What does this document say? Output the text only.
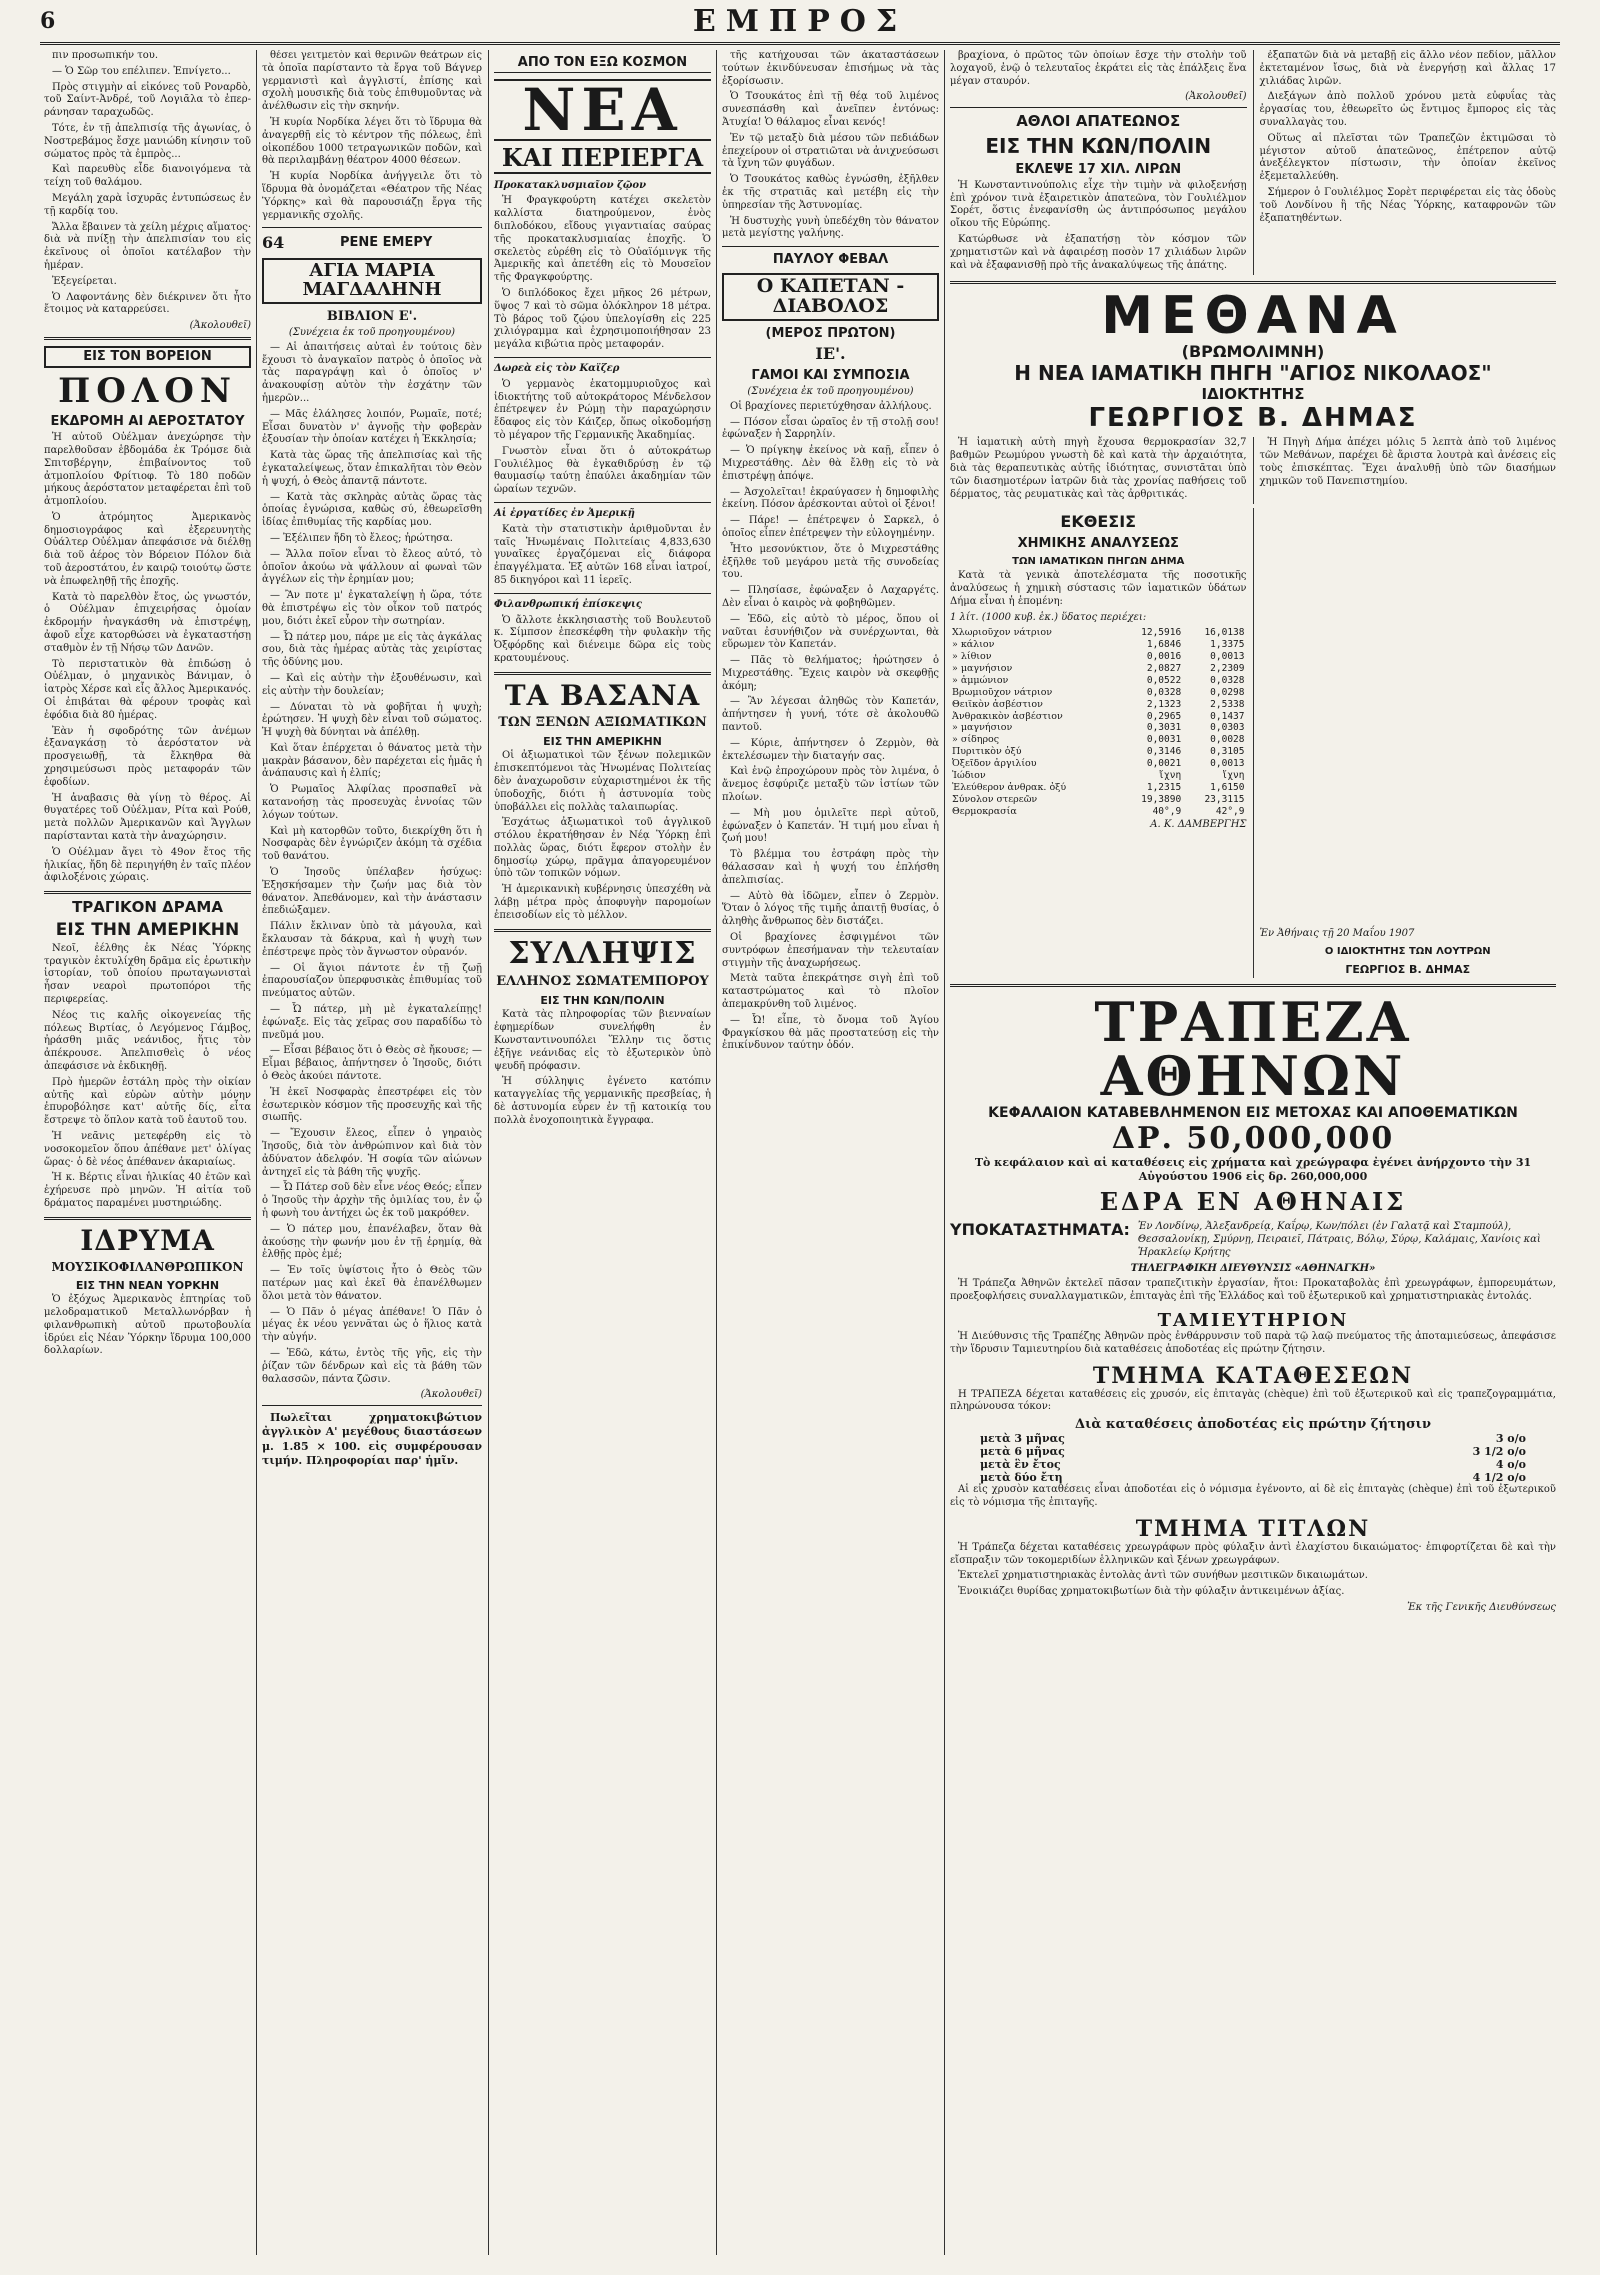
6	ΕΜΠΡΟΣ

πιν προσωπικήν του.

— Ὁ Σῶρ του επέλιπεν. Ἐπνίγετο...

Πρὸς στιγμὴν αἱ εἰκόνες τοῦ Ροναρδὸ, τοῦ Σαίντ-Ἀνδρέ, τοῦ Λογιᾶλα τὸ ἐπερ- ράνησαν ταραχωδῶς.

Τότε, ἐν τῇ ἀπελπισίᾳ τῆς ἀγωνίας, ὁ Νοστρεβάμος ἔσχε μανιώδη κίνησιν τοῦ σώματος πρὸς τὰ ἐμπρὸς...

Καὶ παρευθὺς εἶδε διανοιγόμενα τὰ τείχη τοῦ θαλάμου.

Μεγάλη χαρὰ ἰσχυρᾶς ἐντυπώσεως ἐν τῇ καρδίᾳ του.

Ἄλλα ἔβαινεν τὰ χείλη μέχρις αἵματος· διὰ νὰ πνίξῃ τὴν ἀπελπισίαν του εἰς ἐκεῖνους οἱ ὁποῖοι κατέλαβον τὴν ἡμέραν.

Ἐξεγείρεται.

Ὁ Λαφοντάνης δὲν διέκρινεν ὅτι ἦτο ἔτοιμος νὰ καταρρεύσει.

(Ἀκολουθεῖ)
ΕΙΣ ΤΟΝ ΒΟΡΕΙΟΝ
ΠΟΛΟΝ
ΕΚΔΡΟΜΗ ΑΙ ΑΕΡΟΣΤΑΤΟΥ

Ἡ αὐτοῦ Οὐέλμαν ἀνεχώρησε τὴν παρελθοῦσαν ἑβδομάδα ἐκ Τρόμσε διὰ Σπιτσβέργην, ἐπιβαίνοντος τοῦ ἀτμοπλοίου Φρίτιοφ. Τὸ 180 ποδῶν μήκους ἀερόστατον μεταφέρεται ἐπὶ τοῦ ἀτμοπλοίου.

Ὁ ἀτρόμητος Ἀμερικανὸς δημοσιογράφος καὶ ἐξερευνητὴς Οὐάλτερ Οὐέλμαν ἀπεφάσισε νὰ διέλθῃ διὰ τοῦ ἀέρος τὸν Βόρειον Πόλον διὰ τοῦ ἀεροστάτου, ἐν καιρῷ τοιούτῳ ὥστε νὰ ἐπωφεληθῇ τῆς ἐποχῆς.

Κατὰ τὸ παρελθὸν ἔτος, ὡς γνωστόν, ὁ Οὐέλμαν ἐπιχειρήσας ὁμοίαν ἐκδρομήν ἠναγκάσθη νὰ ἐπιστρέψῃ, ἀφοῦ εἶχε κατορθώσει νὰ ἐγκαταστήσῃ σταθμὸν ἐν τῇ Νήσῳ τῶν Δανῶν.

Τὸ περιστατικὸν θὰ ἐπιδώσῃ ὁ Οὐέλμαν, ὁ μηχανικὸς Βάνιμαν, ὁ ἰατρὸς Χέρσε καὶ εἷς ἄλλος Ἀμερικανός. Οἱ ἐπιβάται θὰ φέρουν τροφὰς καὶ ἐφόδια διὰ 80 ἡμέρας.

Ἐὰν ἡ σφοδρότης τῶν ἀνέμων ἐξαναγκάσῃ τὸ ἀερόστατον νὰ προσγειωθῇ, τὰ ἔλκηθρα θὰ χρησιμεύσωσι πρὸς μεταφοράν τῶν ἐφοδίων.

Ἡ ἀναβασις θὰ γίνῃ τὸ θέρος. Αἱ θυγατέρες τοῦ Οὐέλμαν, Ρίτα καὶ Ρούθ, μετὰ πολλῶν Ἀμερικανῶν καὶ Ἄγγλων παρίστανται κατὰ τὴν ἀναχώρησιν.

Ὁ Οὐέλμαν ἄγει τὸ 49ον ἔτος τῆς ἡλικίας, ἤδη δὲ περιηγήθη ἐν ταῖς πλέον ἀφιλοξένοις χώραις.

ΤΡΑΓΙΚΟΝ ΔΡΑΜΑ
ΕΙΣ ΤΗΝ ΑΜΕΡΙΚΗΝ

Νεοῖ, ἐέλθης ἐκ Νέας Ὑόρκης τραγικὸν ἐκτυλίχθη δρᾶμα εἰς ἐρωτικὴν ἱστορίαν, τοῦ ὁποίου πρωταγωνισταὶ ἦσαν νεαροὶ πρωτοπόροι τῆς περιφερείας.

Νέος τις καλῆς οἰκογενείας τῆς πόλεως Βιρτίας, ὁ Λεγόμενος Γάμβος, ἠράσθη μιᾶς νεάνιδος, ἥτις τὸν ἀπέκρουσε. Ἀπελπισθεὶς ὁ νέος ἀπεφάσισε νὰ ἐκδικηθῇ.

Πρὸ ἡμερῶν ἐστάλη πρὸς τὴν οἰκίαν αὐτῆς καὶ εὑρὼν αὐτὴν μόνην ἐπυροβόλησε κατ' αὐτῆς δίς, εἶτα ἔστρεψε τὸ ὅπλον κατὰ τοῦ ἑαυτοῦ του.

Ἡ νεᾶνις μετεφέρθη εἰς τὸ νοσοκομεῖον ὅπου ἀπέθανε μετ' ὀλίγας ὥρας· ὁ δὲ νέος ἀπέθανεν ἀκαριαίως.

Ἡ κ. Βέρτις εἶναι ἡλικίας 40 ἐτῶν καὶ ἐχήρευσε πρὸ μηνῶν. Ἡ αἰτία τοῦ δράματος παραμένει μυστηριώδης.

ΙΔΡΥΜΑ
ΜΟΥΣΙΚΟΦΙΛΑΝΘΡΩΠΙΚΟΝ
ΕΙΣ ΤΗΝ ΝΕΑΝ ΥΟΡΚΗΝ

Ὁ ἐξόχως Ἀμερικανὸς ἑπτηρίας τοῦ μελοδραματικοῦ Μεταλλωνόρβαν ἡ φιλανθρωπικὴ αὐτοῦ πρωτοβουλία ἱδρύει εἰς Νέαν Ὑόρκην ἵδρυμα 100,000 δολλαρίων.

θέσει γειτμετὸν καὶ θερινῶν θεάτρων εἰς τὰ ὁποῖα παρίσταντο τὰ ἔργα τοῦ Βάγνερ γερμανιστὶ καὶ ἀγγλιστί, ἐπίσης καὶ σχολὴ μουσικῆς διὰ τοὺς ἐπιθυμοῦντας νὰ ἀνέλθωσιν εἰς τὴν σκηνήν.

Ἡ κυρία Νορδίκα λέγει ὅτι τὸ ἵδρυμα θὰ ἀναγερθῇ εἰς τὸ κέντρον τῆς πόλεως, ἐπὶ οἰκοπέδου 1000 τετραγωνικῶν ποδῶν, καὶ θὰ περιλαμβάνῃ θέατρον 4000 θέσεων.

Ἡ κυρία Νορδίκα ἀνήγγειλε ὅτι τὸ ἵδρυμα θὰ ὀνομάζεται «Θέατρον τῆς Νέας Ὑόρκης» καὶ θὰ παρουσιάζῃ ἔργα τῆς γερμανικῆς σχολῆς.

64	ΡΕΝΕ ΕΜΕΡΥ
ΑΓΙΑ ΜΑΡΙΑ ΜΑΓΔΑΛΗΝΗ
ΒΙΒΛΙΟΝ Ε'.
(Συνέχεια ἐκ τοῦ προηγουμένου)

— Αἱ ἀπαιτήσεις αὐταὶ ἐν τούτοις δὲν ἔχουσι τὸ ἀναγκαῖον πατρὸς ὁ ὁποῖος νὰ τὰς παραγράψῃ καὶ ὁ ὁποῖος ν' ἀνακουφίσῃ αὐτὸν τὴν ἐσχάτην τῶν ἡμερῶν...

— Μᾶς ἐλάλησες λοιπόν, Ρωμαῖε, ποτέ; Εἶσαι δυνατὸν ν' ἀγνοῇς τὴν φοβερὰν ἐξουσίαν τὴν ὁποίαν κατέχει ἡ Ἐκκλησία;

Κατὰ τὰς ὥρας τῆς ἀπελπισίας καὶ τῆς ἐγκαταλείψεως, ὅταν ἐπικαλῆται τὸν Θεὸν ἡ ψυχή, ὁ Θεὸς ἀπαντᾷ πάντοτε.

— Κατὰ τὰς σκληρὰς αὐτὰς ὥρας τὰς ὁποίας ἐγνώρισα, καθὼς σύ, ἐθεωρεῖσθη ἰδίας ἐπιθυμίας τῆς καρδίας μου.

— Ἐξέλιπεν ἤδη τὸ ἔλεος; ἠρώτησα.

— Ἄλλα ποῖον εἶναι τὸ ἔλεος αὐτό, τὸ ὁποῖον ἀκούω νὰ ψάλλουν αἱ φωναὶ τῶν ἀγγέλων εἰς τὴν ἐρημίαν μου;

— Ἂν ποτε μ' ἐγκαταλείψῃ ἡ ὥρα, τότε θὰ ἐπιστρέψω εἰς τὸν οἶκον τοῦ πατρός μου, διότι ἐκεῖ εὗρον τὴν σωτηρίαν.

— Ὦ πάτερ μου, πάρε με εἰς τὰς ἀγκάλας σου, διὰ τὰς ἡμέρας αὐτὰς τὰς χειρίστας τῆς ὀδύνης μου.

— Καὶ εἰς αὐτὴν τὴν ἐξουθένωσιν, καὶ εἰς αὐτὴν τὴν δουλείαν;

— Δύναται τὸ νὰ φοβῆται ἡ ψυχὴ; ἐρώτησεν. Ἡ ψυχὴ δὲν εἶναι τοῦ σώματος. Ἡ ψυχὴ θὰ δύνηται νὰ ἀπέλθῃ.

Καὶ ὅταν ἐπέρχεται ὁ θάνατος μετὰ τὴν μακρὰν βάσανον, δὲν παρέχεται εἰς ἡμᾶς ἡ ἀνάπαυσις καὶ ἡ ἐλπίς;

Ὁ Ρωμαῖος Ἀλφίλας προσπαθεῖ νὰ κατανοήσῃ τὰς προσευχὰς ἐννοίας τῶν λόγων τούτων.

Καὶ μὴ κατορθῶν τοῦτο, διεκρίχθη ὅτι ἡ Νοσφαρὰς δὲν ἐγνώριζεν ἀκόμη τὰ σχέδια τοῦ θανάτου.

Ὁ Ἰησοῦς ὑπέλαβεν ἡσύχως: Ἐξησκήσαμεν τὴν ζωήν μας διὰ τὸν θάνατον. Ἀπεθάνομεν, καὶ τὴν ἀνάστασιν ἐπεδιώξαμεν.

Πάλιν ἔκλιναν ὑπὸ τὰ μάγουλα, καὶ ἔκλαυσαν τὰ δάκρυα, καὶ ἡ ψυχὴ των ἐπέστρεψε πρὸς τὸν ἄγνωστον οὐρανόν.

— Οἱ ἅγιοι πάντοτε ἐν τῇ ζωῇ ἐπαρουσίαζον ὑπερφυσικὰς ἐπιθυμίας τοῦ πνεύματος αὐτῶν.

— Ὦ πάτερ, μὴ μὲ ἐγκαταλείπῃς! ἐφώναξε. Εἰς τὰς χεῖρας σου παραδίδω τὸ πνεῦμά μου.

— Εἶσαι βέβαιος ὅτι ὁ Θεὸς σὲ ἤκουσε; — Εἶμαι βέβαιος, ἀπήντησεν ὁ Ἰησοῦς, διότι ὁ Θεὸς ἀκούει πάντοτε.

Ἡ ἐκεῖ Νοσφαρὰς ἐπεστρέφει εἰς τὸν ἐσωτερικὸν κόσμον τῆς προσευχῆς καὶ τῆς σιωπῆς.

— Ἔχουσιν ἔλεος, εἶπεν ὁ γηραιὸς Ἰησοῦς, διὰ τὸν ἀνθρώπινον καὶ διὰ τὸν ἀδύνατον ἀδελφόν. Ἡ σοφία τῶν αἰώνων ἀντηχεῖ εἰς τὰ βάθη τῆς ψυχῆς.

— Ὦ Πάτερ σοῦ δὲν εἶνε νέος Θεός; εἶπεν ὁ Ἰησοῦς τὴν ἀρχὴν τῆς ὁμιλίας του, ἐν ᾧ ἡ φωνὴ του ἀντήχει ὡς ἐκ τοῦ μακρόθεν.

— Ὁ πάτερ μου, ἐπανέλαβεν, ὅταν θὰ ἀκούσῃς τὴν φωνήν μου ἐν τῇ ἐρημίᾳ, θὰ ἐλθῇς πρὸς ἐμέ;

— Ἐν τοῖς ὑψίστοις ἦτο ὁ Θεὸς τῶν πατέρων μας καὶ ἐκεῖ θὰ ἐπανέλθωμεν ὅλοι μετὰ τὸν θάνατον.

— Ὁ Πᾶν ὁ μέγας ἀπέθανε! Ὁ Πᾶν ὁ μέγας ἐκ νέου γεννᾶται ὡς ὁ ἥλιος κατὰ τὴν αὐγήν.

— Ἐδῶ, κάτω, ἐντὸς τῆς γῆς, εἰς τὴν ῥίζαν τῶν δένδρων καὶ εἰς τὰ βάθη τῶν θαλασσῶν, πάντα ζῶσιν.

(Ἀκολουθεῖ)

Πωλεῖται χρηματοκιβώτιον ἀγγλικὸν Α' μεγέθους διαστάσεων μ. 1.85 × 100. εἰς συμφέρουσαν τιμήν. Πληροφορίαι παρ' ἡμῖν.

ΑΠΟ ΤΟΝ ΕΞΩ ΚΟΣΜΟΝ
ΝΕΑ
ΚΑΙ ΠΕΡΙΕΡΓΑ

Προκατακλυσμιαῖον ζῷον

Ἡ Φραγκφούρτη κατέχει σκελετὸν καλλίστα διατηρούμενον, ἑνὸς διπλοδόκου, εἴδους γιγαντιαίας σαύρας τῆς προκατακλυσμιαίας ἐποχῆς. Ὁ σκελετὸς εὑρέθη εἰς τὸ Οὐαϊόμινγκ τῆς Ἀμερικῆς καὶ ἀπετέθη εἰς τὸ Μουσεῖον τῆς Φραγκφούρτης.

Ὁ διπλόδοκος ἔχει μῆκος 26 μέτρων, ὕψος 7 καὶ τὸ σῶμα ὀλόκληρον 18 μέτρα. Τὸ βάρος τοῦ ζῴου ὑπελογίσθη εἰς 225 χιλιόγραμμα καὶ ἐχρησιμοποιήθησαν 23 μεγάλα κιβώτια πρὸς μεταφοράν.

Δωρεὰ εἰς τὸν Καϊζερ

Ὁ γερμανὸς ἑκατομμυριοῦχος καὶ ἰδιοκτήτης τοῦ αὐτοκράτορος Μένδελσον ἐπέτρεψεν ἐν Ρώμῃ τὴν παραχώρησιν ἔδαφος εἰς τὸν Κάιζερ, ὅπως οἰκοδομήσῃ τὸ μέγαρον τῆς Γερμανικῆς Ἀκαδημίας.

Γνωστὸν εἶναι ὅτι ὁ αὐτοκράτωρ Γουλιέλμος θὰ ἐγκαθιδρύσῃ ἐν τῷ θαυμασίῳ ταύτῃ ἐπαύλει ἀκαδημίαν τῶν ὡραίων τεχνῶν.

Αἱ ἐργατίδες ἐν Ἀμερικῇ

Κατὰ τὴν στατιστικὴν ἀριθμοῦνται ἐν ταῖς Ἡνωμέναις Πολιτείαις 4,833,630 γυναῖκες ἐργαζόμεναι εἰς διάφορα ἐπαγγέλματα. Ἐξ αὐτῶν 168 εἶναι ἰατροί, 85 δικηγόροι καὶ 11 ἱερεῖς.

Φιλανθρωπική ἐπίσκεψις

Ὁ ἄλλοτε ἐκκλησιαστὴς τοῦ Βουλευτοῦ κ. Σίμπσον ἐπεσκέφθη τὴν φυλακὴν τῆς Ὀξφόρδης καὶ διένειμε δῶρα εἰς τοὺς κρατουμένους.

ΤΑ ΒΑΣΑΝΑ
ΤΩΝ ΞΕΝΩΝ ΑΞΙΩΜΑΤΙΚΩΝ
ΕΙΣ ΤΗΝ ΑΜΕΡΙΚΗΝ

Οἱ ἀξιωματικοὶ τῶν ξένων πολεμικῶν ἐπισκεπτόμενοι τὰς Ἡνωμένας Πολιτείας δὲν ἀναχωροῦσιν εὐχαριστημένοι ἐκ τῆς ὑποδοχῆς, διότι ἡ ἀστυνομία τοὺς ὑποβάλλει εἰς πολλὰς ταλαιπωρίας.

Ἐσχάτως ἀξιωματικοὶ τοῦ ἀγγλικοῦ στόλου ἐκρατήθησαν ἐν Νέᾳ Ὑόρκῃ ἐπὶ πολλὰς ὥρας, διότι ἔφερον στολὴν ἐν δημοσίῳ χώρῳ, πρᾶγμα ἀπαγορευμένον ὑπὸ τῶν τοπικῶν νόμων.

Ἡ ἀμερικανικὴ κυβέρνησις ὑπεσχέθη νὰ λάβῃ μέτρα πρὸς ἀποφυγὴν παρομοίων ἐπεισοδίων εἰς τὸ μέλλον.

ΣΥΛΛΗΨΙΣ
ΕΛΛΗΝΟΣ ΣΩΜΑΤΕΜΠΟΡΟΥ
ΕΙΣ ΤΗΝ ΚΩΝ/ΠΟΛΙΝ

Κατὰ τὰς πληροφορίας τῶν βιενναίων ἐφημερίδων συνελήφθη ἐν Κωνσταντινουπόλει Ἕλλην τις ὅστις ἐξῆγε νεάνιδας εἰς τὸ ἐξωτερικὸν ὑπὸ ψευδῆ πρόφασιν.

Ἡ σύλληψις ἐγένετο κατόπιν καταγγελίας τῆς γερμανικῆς πρεσβείας, ἡ δὲ ἀστυνομία εὗρεν ἐν τῇ κατοικίᾳ του πολλὰ ἐνοχοποιητικὰ ἔγγραφα.

τῆς κατήχουσαι τῶν ἀκαταστάσεων τούτων ἐκινδύνευσαν ἐπισήμως νὰ τὰς ἐξορίσωσιν.

Ὁ Τσουκάτος ἐπὶ τῇ θέᾳ τοῦ λιμένος συνεσπάσθη καὶ ἀνεῖπεν ἐντόνως: Ἀτυχία! Ὁ θάλαμος εἶναι κενός!

Ἐν τῷ μεταξὺ διὰ μέσου τῶν πεδιάδων ἐπεχείρουν οἱ στρατιῶται νὰ ἀνιχνεύσωσι τὰ ἴχνη τῶν φυγάδων.

Ὁ Τσουκάτος καθὼς ἐγνώσθη, ἐξῆλθεν ἐκ τῆς στρατιᾶς καὶ μετέβη εἰς τὴν ὑπηρεσίαν τῆς Ἀστυνομίας.

Ἡ δυστυχὴς γυνὴ ὑπεδέχθη τὸν θάνατον μετὰ μεγίστης γαλήνης.

ΠΑΥΛΟΥ ΦΕΒΑΛ
Ο ΚΑΠΕΤΑΝ - ΔΙΑΒΟΛΟΣ
(ΜΕΡΟΣ ΠΡΩΤΟΝ)
ΙΕ'.
ΓΑΜΟΙ ΚΑΙ ΣΥΜΠΟΣΙΑ
(Συνέχεια ἐκ τοῦ προηγουμένου)

Οἱ βραχίονες περιετύχθησαν ἀλλήλους.

— Πόσον εἶσαι ὡραῖος ἐν τῇ στολῇ σου! ἐφώναξεν ἡ Σαρρηλίν.

— Ὁ πρίγκηψ ἐκείνος νὰ καῇ, εἶπεν ὁ Μιχρεστάθης. Δὲν θὰ ἔλθῃ εἰς τὸ νὰ ἐπιστρέψῃ ἀπόψε.

— Ἀσχολεῖται! ἐκραύγασεν ἡ δημοφιλὴς ἐκείνη. Πόσον ἀρέσκονται αὐτοὶ οἱ ξένοι!

— Πάρε! — ἐπέτρεψεν ὁ Σαρκελ, ὁ ὁποῖος εἶπεν ἐπέτρεψεν τὴν εὐλογημένην.

Ἦτο μεσονύκτιον, ὅτε ὁ Μιχρεστάθης ἐξῆλθε τοῦ μεγάρου μετὰ τῆς συνοδείας του.

— Πλησίασε, ἐφώναξεν ὁ Λαχαργέτς. Δὲν εἶναι ὁ καιρὸς νὰ φοβηθῶμεν.

— Ἐδῶ, εἰς αὐτὸ τὸ μέρος, ὅπου οἱ ναῦται ἐσυνήθιζον νὰ συνέρχωνται, θὰ εὕρωμεν τὸν Καπετάν.

— Πᾶς τὸ θελήματος; ἠρώτησεν ὁ Μιχρεστάθης. Ἔχεις καιρὸν νὰ σκεφθῇς ἀκόμη;

— Ἂν λέγεσαι ἀληθῶς τὸν Καπετάν, ἀπήντησεν ἡ γυνή, τότε σὲ ἀκολουθῶ παντοῦ.

— Κύριε, ἀπήντησεν ὁ Ζερμὸν, θὰ ἐκτελέσωμεν τὴν διαταγήν σας.

Καὶ ἐνῷ ἐπροχώρουν πρὸς τὸν λιμένα, ὁ ἄνεμος ἐσφύριζε μεταξὺ τῶν ἱστίων τῶν πλοίων.

— Μὴ μου ὁμιλεῖτε περὶ αὐτοῦ, ἐφώναξεν ὁ Καπετάν. Ἡ τιμή μου εἶναι ἡ ζωή μου!

Τὸ βλέμμα του ἐστράφη πρὸς τὴν θάλασσαν καὶ ἡ ψυχή του ἐπλήσθη ἀπελπισίας.

— Αὐτὸ θὰ ἰδῶμεν, εἶπεν ὁ Ζερμὸν. Ὅταν ὁ λόγος τῆς τιμῆς ἀπαιτῇ θυσίας, ὁ ἀληθὴς ἄνθρωπος δὲν διστάζει.

Οἱ βραχίονες ἐσφιγμένοι τῶν συντρόφων ἐπεσήμαναν τὴν τελευταίαν στιγμὴν τῆς ἀναχωρήσεως.

Μετὰ ταῦτα ἐπεκράτησε σιγὴ ἐπὶ τοῦ καταστρώματος καὶ τὸ πλοῖον ἀπεμακρύνθη τοῦ λιμένος.

— Ὦ! εἶπε, τὸ ὄνομα τοῦ Ἁγίου Φραγκίσκου θὰ μᾶς προστατεύσῃ εἰς τὴν ἐπικίνδυνον ταύτην ὁδόν.

βραχίονα, ὁ πρῶτος τῶν ὁποίων ἔσχε τὴν στολὴν τοῦ λοχαγοῦ, ἐνῷ ὁ τελευταῖος ἐκράτει εἰς τὰς ἐπάλξεις ἕνα μέγαν σταυρόν.

(Ἀκολουθεῖ)
ΑΘΛΟΙ ΑΠΑΤΕΩΝΟΣ
ΕΙΣ ΤΗΝ ΚΩΝ/ΠΟΛΙΝ
ΕΚΛΕΨΕ 17 ΧΙΛ. ΛΙΡΩΝ

Ἡ Κωνσταντινούπολις εἶχε τὴν τιμὴν νὰ φιλοξενήσῃ ἐπὶ χρόνον τινὰ ἐξαιρετικὸν ἀπατεῶνα, τὸν Γουλιέλμον Σορέτ, ὅστις ἐνεφανίσθη ὡς ἀντιπρόσωπος μεγάλου οἴκου τῆς Εὐρώπης.

Κατώρθωσε νὰ ἐξαπατήσῃ τὸν κόσμον τῶν χρηματιστῶν καὶ νὰ ἀφαιρέσῃ ποσὸν 17 χιλιάδων λιρῶν καὶ νὰ ἐξαφανισθῇ πρὸ τῆς ἀνακαλύψεως τῆς ἀπάτης.

ἐξαπατῶν διὰ νὰ μεταβῇ εἰς ἄλλο νέον πεδίον, μᾶλλον ἐκτεταμένον ἴσως, διὰ νὰ ἐνεργήσῃ καὶ ἄλλας 17 χιλιάδας λιρῶν.

Διεξάγων ἀπὸ πολλοῦ χρόνου μετὰ εὐφυΐας τὰς ἐργασίας του, ἐθεωρεῖτο ὡς ἔντιμος ἔμπορος εἰς τὰς συναλλαγὰς του.

Οὕτως αἱ πλεῖσται τῶν Τραπεζῶν ἐκτιμῶσαι τὸ μέγιστον αὐτοῦ ἀπατεῶνος, ἐπέτρεπον αὐτῷ ἀνεξέλεγκτον πίστωσιν, τὴν ὁποίαν ἐκεῖνος ἐξεμεταλλεύθη.

Σήμερον ὁ Γουλιέλμος Σορὲτ περιφέρεται εἰς τὰς ὁδοὺς τοῦ Λονδίνου ἢ τῆς Νέας Ὑόρκης, καταφρονῶν τῶν ἐξαπατηθέντων.

ΜΕΘΑΝΑ
(ΒΡΩΜΟΛΙΜΝΗ)
Η ΝΕΑ ΙΑΜΑΤΙΚΗ ΠΗΓΗ "ΑΓΙΟΣ ΝΙΚΟΛΑΟΣ"
ΙΔΙΟΚΤΗΤΗΣ
ΓΕΩΡΓΙΟΣ Β. ΔΗΜΑΣ

Ἡ ἰαματικὴ αὐτὴ πηγὴ ἔχουσα θερμοκρασίαν 32,7 βαθμῶν Ρεωμύρου γνωστὴ δὲ καὶ κατὰ τὴν ἀρχαιότητα, διὰ τὰς θεραπευτικὰς αὐτῆς ἰδιότητας, συνιστᾶται ὑπὸ τῶν διασημοτέρων ἰατρῶν διὰ τὰς χρονίας παθήσεις τοῦ δέρματος, τὰς ρευματικὰς καὶ τὰς ἀρθριτικάς.

Ἡ Πηγὴ Δήμα ἀπέχει μόλις 5 λεπτὰ ἀπὸ τοῦ λιμένος τῶν Μεθάνων, παρέχει δὲ ἄριστα λουτρὰ καὶ ἀνέσεις εἰς τοὺς ἐπισκέπτας. Ἔχει ἀναλυθῇ ὑπὸ τῶν διασήμων χημικῶν τοῦ Πανεπιστημίου.

ΕΚΘΕΣΙΣ
ΧΗΜΙΚΗΣ ΑΝΑΛΥΣΕΩΣ
ΤΩΝ ΙΑΜΑΤΙΚΩΝ ΠΗΓΩΝ ΔΗΜΑ

Κατὰ τὰ γενικὰ ἀποτελέσματα τῆς ποσοτικῆς ἀναλύσεως ἡ χημικὴ σύστασις τῶν ἰαματικῶν ὑδάτων Δήμα εἶναι ἡ ἑπομένη:

1 λίτ. (1000 κυβ. ἑκ.) ὕδατος περιέχει:

Χλωριοῦχον νάτριον	12,5916	16,0138
» κάλιον	1,6846	1,3375
» λίθιον	0,0016	0,0013
» μαγνήσιον	2,0827	2,2309
» ἀμμώνιον	0,0522	0,0328
Βρωμιοῦχον νάτριον	0,0328	0,0298
Θειϊκὸν ἀσβέστιον	2,1323	2,5338
Ἀνθρακικὸν ἀσβέστιον	0,2965	0,1437
» μαγνήσιον	0,3031	0,0303
» σίδηρος	0,0031	0,0028
Πυριτικὸν ὀξύ	0,3146	0,3105
Ὀξεῖδον ἀργιλίου	0,0021	0,0013
Ἰώδιον	ἴχνη	ἴχνη
Ἐλεύθερον ἀνθρακ. ὀξύ	1,2315	1,6150
Σύνολον στερεῶν	19,3890	23,3115
Θερμοκρασία	40°,9	42°,9
Α. Κ. ΔΑΜΒΕΡΓΗΣ

Ἐν Ἀθήναις τῇ 20 Μαΐου 1907

Ο ΙΔΙΟΚΤΗΤΗΣ ΤΩΝ ΛΟΥΤΡΩΝ
ΓΕΩΡΓΙΟΣ Β. ΔΗΜΑΣ
ΤΡΑΠΕΖΑ ΑΘΗΝΩΝ
ΚΕΦΑΛΑΙΟΝ ΚΑΤΑΒΕΒΛΗΜΕΝΟΝ ΕΙΣ ΜΕΤΟΧΑΣ ΚΑΙ ΑΠΟΘΕΜΑΤΙΚΩΝ
ΔΡ. 50,000,000

Τὸ κεφάλαιον καὶ αἱ καταθέσεις εἰς χρήματα καὶ χρεώγραφα ἐγένει ἀνήρχοντο τὴν 31 Αὐγούστου 1906 εἰς δρ. 260,000,000

ΕΔΡΑ ΕΝ ΑΘΗΝΑΙΣ
ΥΠΟΚΑΤΑΣΤΗΜΑΤΑ: Ἐν Λονδίνῳ, Ἀλεξανδρείᾳ, Καΐρῳ, Κων/πόλει (ἐν Γαλατᾷ καὶ Σταμπούλ), Θεσσαλονίκῃ, Σμύρνῃ, Πειραιεῖ, Πάτραις, Βόλῳ, Σύρῳ, Καλάμαις, Χανίοις καὶ Ἡρακλείῳ Κρήτης
ΤΗΛΕΓΡΑΦΙΚΗ ΔΙΕΥΘΥΝΣΙΣ «ΑΘΗΝΑΓΚΗ»

Ἡ Τράπεζα Ἀθηνῶν ἐκτελεῖ πᾶσαν τραπεζιτικὴν ἐργασίαν, ἤτοι: Προκαταβολὰς ἐπὶ χρεωγράφων, ἐμπορευμάτων, προεξοφλήσεις συναλλαγματικῶν, ἐπιταγὰς ἐπὶ τῆς Ἑλλάδος καὶ τοῦ ἐξωτερικοῦ καὶ χρηματιστηριακὰς ἐντολάς.

ΤΑΜΙΕΥΤΗΡΙΟΝ

Ἡ Διεύθυνσις τῆς Τραπέζης Ἀθηνῶν πρὸς ἐνθάρρυνσιν τοῦ παρὰ τῷ λαῷ πνεύματος τῆς ἀποταμιεύσεως, ἀπεφάσισε τὴν ἵδρυσιν Ταμιευτηρίου διὰ καταθέσεις ἀποδοτέας εἰς πρώτην ζήτησιν.

ΤΜΗΜΑ ΚΑΤΑΘΕΣΕΩΝ

Η ΤΡΑΠΕΖΑ δέχεται καταθέσεις εἰς χρυσόν, εἰς ἐπιταγὰς (chèque) ἐπὶ τοῦ ἐξωτερικοῦ καὶ εἰς τραπεζογραμμάτια, πληρώνουσα τόκον:

Διὰ καταθέσεις ἀποδοτέας εἰς πρώτην ζήτησιν
μετὰ 3 μῆνας	3 ο/ο
μετὰ 6 μῆνας	3 1/2 ο/ο
μετὰ ἓν ἔτος	4 ο/ο
μετὰ δύο ἔτη	4 1/2 ο/ο

Αἱ εἰς χρυσὸν καταθέσεις εἶναι ἀποδοτέαι εἰς ὁ νόμισμα ἐγένοντο, αἱ δὲ εἰς ἐπιταγὰς (chèque) ἐπὶ τοῦ ἐξωτερικοῦ εἰς τὸ νόμισμα τῆς ἐπιταγῆς.

ΤΜΗΜΑ ΤΙΤΛΩΝ

Ἡ Τράπεζα δέχεται καταθέσεις χρεωγράφων πρὸς φύλαξιν ἀντὶ ἐλαχίστου δικαιώματος· ἐπιφορτίζεται δὲ καὶ τὴν εἴσπραξιν τῶν τοκομεριδίων ἑλληνικῶν καὶ ξένων χρεωγράφων.

Ἐκτελεῖ χρηματιστηριακὰς ἐντολὰς ἀντὶ τῶν συνήθων μεσιτικῶν δικαιωμάτων.

Ἐνοικιάζει θυρίδας χρηματοκιβωτίων διὰ τὴν φύλαξιν ἀντικειμένων ἀξίας.

Ἐκ τῆς Γενικῆς Διευθύνσεως
